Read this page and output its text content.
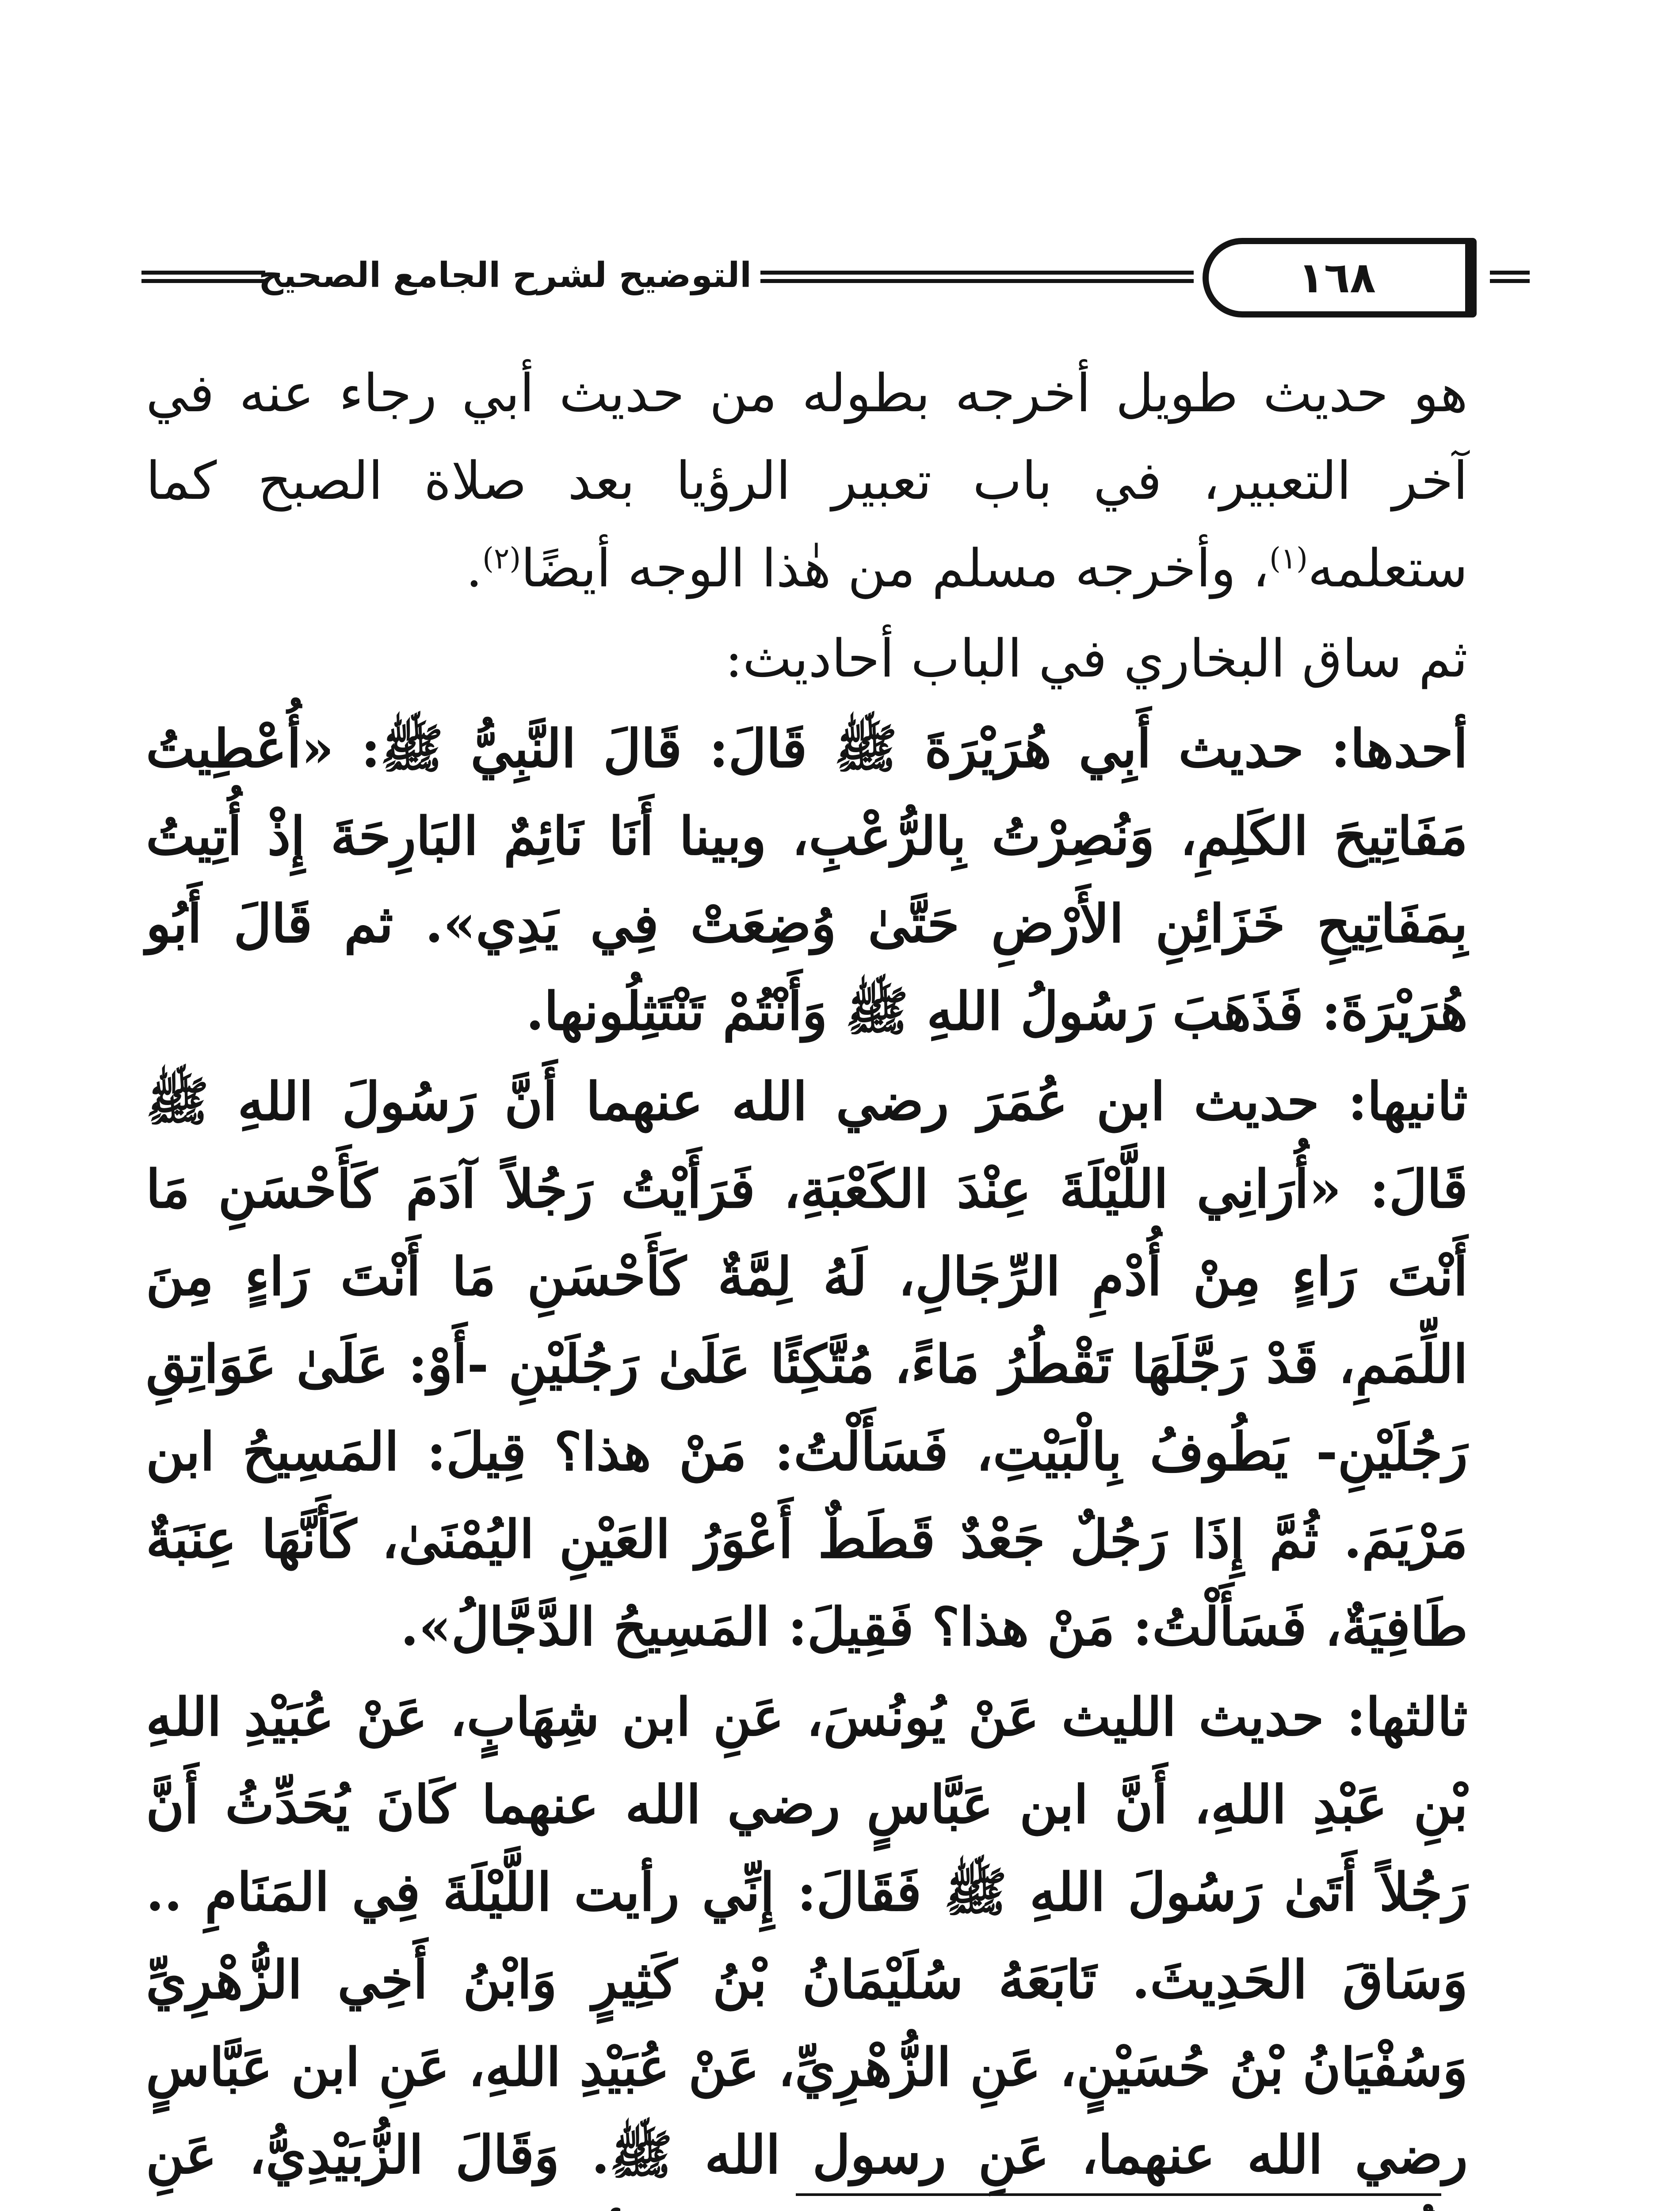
التوضيح لشرح الجامع الصحيح	١٦٨

هو حديث طويل أخرجه بطوله من حديث أبي رجاء عنه في آخر التعبير، في باب تعبير الرؤيا بعد صلاة الصبح كما ستعلمه$^{(١)}$، وأخرجه مسلم من هٰذا الوجه أيضًا$^{(٢)}$.

ثم ساق البخاري في الباب أحاديث:

أحدها: حديث أَبِي هُرَيْرَةَ ﷺ قَالَ: قَالَ النَّبِيُّ ﷺ: «أُعْطِيتُ مَفَاتِيحَ الكَلِمِ، وَنُصِرْتُ بِالرُّعْبِ، وبينا أَنَا نَائِمٌ البَارِحَةَ إِذْ أُتِيتُ بِمَفَاتِيحِ خَزَائِنِ الأَرْضِ حَتَّىٰ وُضِعَتْ فِي يَدِي». ثم قَالَ أَبُو هُرَيْرَةَ: فَذَهَبَ رَسُولُ اللهِ ﷺ وَأَنْتُمْ تَنْتَثِلُونها.

ثانيها: حديث ابن عُمَرَ رضي الله عنهما أَنَّ رَسُولَ اللهِ ﷺ قَالَ: «أُرَانِي اللَّيْلَةَ عِنْدَ الكَعْبَةِ، فَرَأَيْتُ رَجُلاً آدَمَ كَأَحْسَنِ مَا أَنْتَ رَاءٍ مِنْ أُدْمِ الرِّجَالِ، لَهُ لِمَّةٌ كَأَحْسَنِ مَا أَنْتَ رَاءٍ مِنَ اللِّمَمِ، قَدْ رَجَّلَهَا تَقْطُرُ مَاءً، مُتَّكِئًا عَلَىٰ رَجُلَيْنِ -أَوْ: عَلَىٰ عَوَاتِقِ رَجُلَيْنِ- يَطُوفُ بِالْبَيْتِ، فَسَأَلْتُ: مَنْ هذا؟ قِيلَ: المَسِيحُ ابن مَرْيَمَ. ثُمَّ إِذَا رَجُلٌ جَعْدٌ قَطَطٌ أَعْوَرُ العَيْنِ اليُمْنَىٰ، كَأَنَّهَا عِنَبَةٌ طَافِيَةٌ، فَسَأَلْتُ: مَنْ هذا؟ فَقِيلَ: المَسِيحُ الدَّجَّالُ».

ثالثها: حديث الليث عَنْ يُونُسَ، عَنِ ابن شِهَابٍ، عَنْ عُبَيْدِ اللهِ بْنِ عَبْدِ اللهِ، أَنَّ ابن عَبَّاسٍ رضي الله عنهما كَانَ يُحَدِّثُ أَنَّ رَجُلاً أَتَىٰ رَسُولَ اللهِ ﷺ فَقَالَ: إِنِّي رأيت اللَّيْلَةَ فِي المَنَامِ .. وَسَاقَ الحَدِيثَ. تَابَعَهُ سُلَيْمَانُ بْنُ كَثِيرٍ وَابْنُ أَخِي الزُّهْرِيِّ وَسُفْيَانُ بْنُ حُسَيْنٍ، عَنِ الزُّهْرِيِّ، عَنْ عُبَيْدِ اللهِ، عَنِ ابن عَبَّاسٍ رضي الله عنهما، عَنِ رسول الله ﷺ. وَقَالَ الزُّبَيْدِيُّ، عَنِ
